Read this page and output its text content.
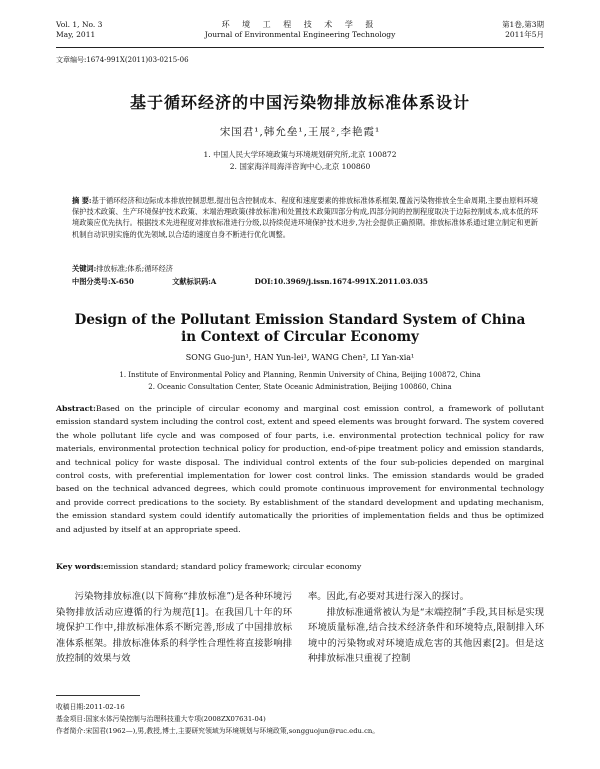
Vol. 1, No. 3
May, 2011
环 境 工 程 技 术 学 报
Journal of Environmental Engineering Technology
第1卷,第3期
2011年5月
文章编号:1674-991X(2011)03-0215-06
基于循环经济的中国污染物排放标准体系设计
宋国君¹,韩允垒¹,王展²,李艳霞¹
1. 中国人民大学环境政策与环境规划研究所,北京 100872
2. 国家海洋局海洋咨询中心,北京 100860
摘 要:基于循环经济和边际成本排放控制思想,提出包含控制成本、程度和速度要素的排放标准体系框架,覆盖污染物排放全生命周期,主要由原料环境保护技术政策、生产环境保护技术政策、末端治理政策(排放标准)和处置技术政策四部分构成,四部分间的控制程度取决于边际控制成本,成本低的环境政策应优先执行。根据技术先进程度对排放标准进行分级,以持续促进环境保护技术进步,为社会提供正确预期。排放标准体系通过建立制定和更新机制自动识别实施的优先领域,以合适的速度自身不断进行优化调整。
关键词:排放标准;体系;循环经济
中图分类号:X-650	文献标识码:A	DOI:10.3969/j.issn.1674-991X.2011.03.035
Design of the Pollutant Emission Standard System of China
in Context of Circular Economy
SONG Guo-jun¹, HAN Yun-lei¹, WANG Chen², LI Yan-xia¹
1. Institute of Environmental Policy and Planning, Renmin University of China, Beijing 100872, China
2. Oceanic Consultation Center, State Oceanic Administration, Beijing 100860, China
Abstract:Based on the principle of circular economy and marginal cost emission control, a framework of pollutant emission standard system including the control cost, extent and speed elements was brought forward. The system covered the whole pollutant life cycle and was composed of four parts, i.e. environmental protection technical policy for raw materials, environmental protection technical policy for production, end-of-pipe treatment policy and emission standards, and technical policy for waste disposal. The individual control extents of the four sub-policies depended on marginal control costs, with preferential implementation for lower cost control links. The emission standards would be graded based on the technical advanced degrees, which could promote continuous improvement for environmental technology and provide correct predications to the society. By establishment of the standard development and updating mechanism, the emission standard system could identify automatically the priorities of implementation fields and thus be optimized and adjusted by itself at an appropriate speed.
Key words:emission standard; standard policy framework; circular economy
污染物排放标准(以下简称“排放标准”)是各种环境污染物排放活动应遵循的行为规范[1]。在我国几十年的环境保护工作中,排放标准体系不断完善,形成了中国排放标准体系框架。排放标准体系的科学性合理性将直接影响排放控制的效果与效

率。因此,有必要对其进行深入的探讨。

排放标准通常被认为是“末端控制”手段,其目标是实现环境质量标准,结合技术经济条件和环境特点,限制排入环境中的污染物或对环境造成危害的其他因素[2]。但是这种排放标准只重视了控制

收稿日期:2011-02-16
基金项目:国家水体污染控制与治理科技重大专项(2008ZX07631-04)
作者简介:宋国君(1962—),男,教授,博士,主要研究领域为环境规划与环境政策,songguojun@ruc.edu.cn。
